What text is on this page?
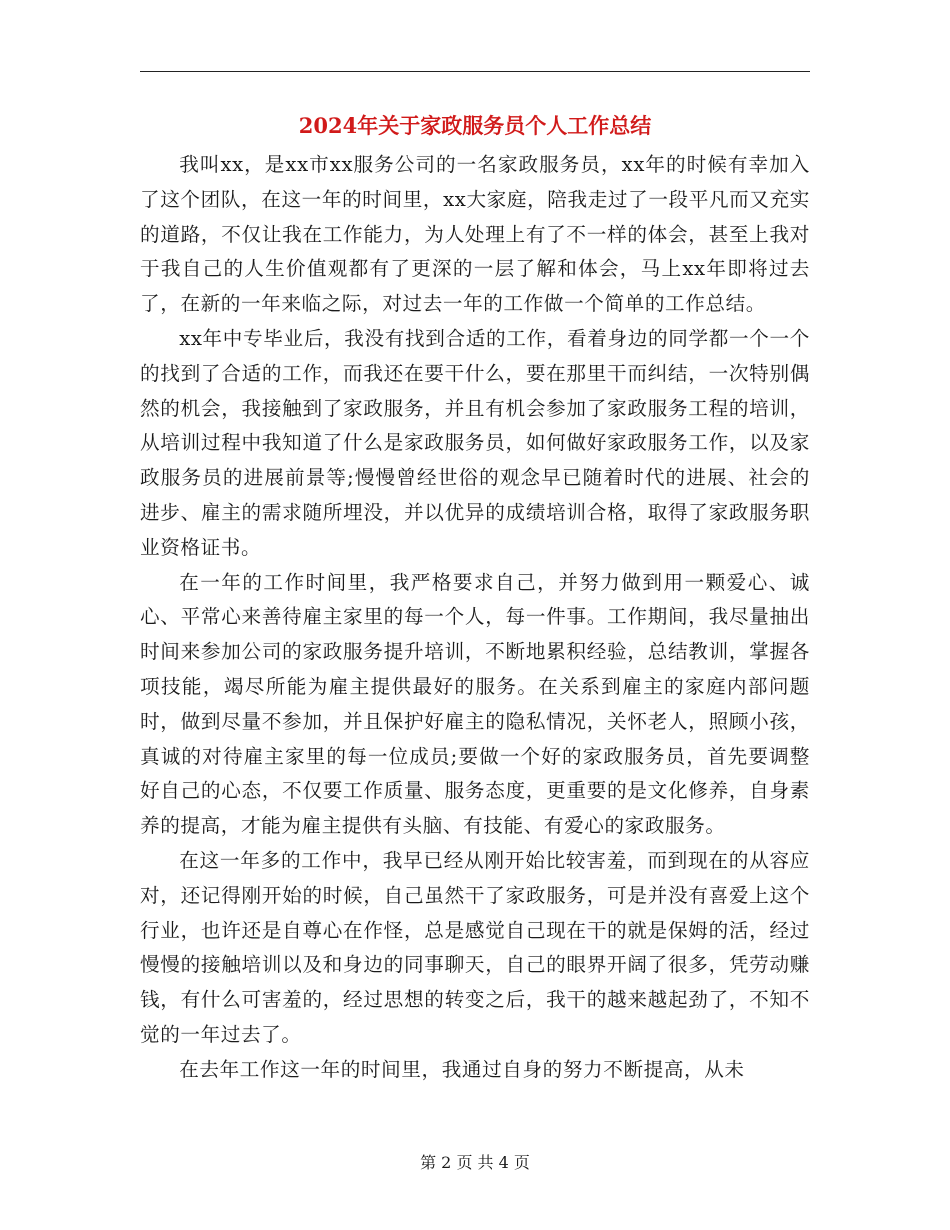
2024年关于家政服务员个人工作总结

我叫xx，是xx市xx服务公司的一名家政服务员，xx年的时候有幸加入了这个团队，在这一年的时间里，xx大家庭，陪我走过了一段平凡而又充实的道路，不仅让我在工作能力，为人处理上有了不一样的体会，甚至上我对于我自己的人生价值观都有了更深的一层了解和体会，马上xx年即将过去了，在新的一年来临之际，对过去一年的工作做一个简单的工作总结。

xx年中专毕业后，我没有找到合适的工作，看着身边的同学都一个一个的找到了合适的工作，而我还在要干什么，要在那里干而纠结，一次特别偶然的机会，我接触到了家政服务，并且有机会参加了家政服务工程的培训，从培训过程中我知道了什么是家政服务员，如何做好家政服务工作，以及家政服务员的进展前景等;慢慢曾经世俗的观念早已随着时代的进展、社会的进步、雇主的需求随所埋没，并以优异的成绩培训合格，取得了家政服务职业资格证书。

在一年的工作时间里，我严格要求自己，并努力做到用一颗爱心、诚心、平常心来善待雇主家里的每一个人，每一件事。工作期间，我尽量抽出时间来参加公司的家政服务提升培训，不断地累积经验，总结教训，掌握各项技能，竭尽所能为雇主提供最好的服务。在关系到雇主的家庭内部问题时，做到尽量不参加，并且保护好雇主的隐私情况，关怀老人，照顾小孩，真诚的对待雇主家里的每一位成员;要做一个好的家政服务员，首先要调整好自己的心态，不仅要工作质量、服务态度，更重要的是文化修养，自身素养的提高，才能为雇主提供有头脑、有技能、有爱心的家政服务。

在这一年多的工作中，我早已经从刚开始比较害羞，而到现在的从容应对，还记得刚开始的时候，自己虽然干了家政服务，可是并没有喜爱上这个行业，也许还是自尊心在作怪，总是感觉自己现在干的就是保姆的活，经过慢慢的接触培训以及和身边的同事聊天，自己的眼界开阔了很多，凭劳动赚钱，有什么可害羞的，经过思想的转变之后，我干的越来越起劲了，不知不觉的一年过去了。

在去年工作这一年的时间里，我通过自身的努力不断提高，从未

第 2 页 共 4 页
